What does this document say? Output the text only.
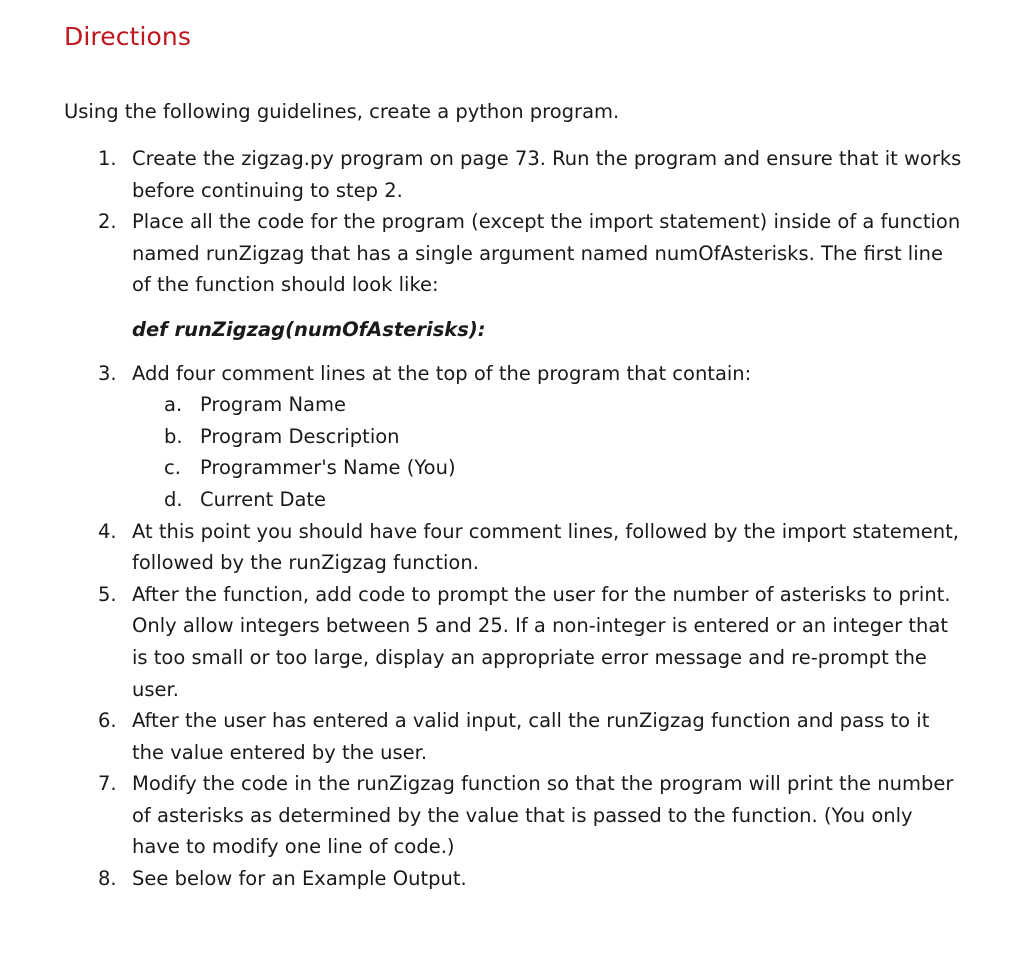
Directions

Using the following guidelines, create a python program.

1. Create the zigzag.py program on page 73. Run the program and ensure that it works before continuing to step 2.
2. Place all the code for the program (except the import statement) inside of a function named runZigzag that has a single argument named numOfAsterisks. The first line of the function should look like:
def runZigzag(numOfAsterisks):
3. Add four comment lines at the top of the program that contain:
a. Program Name
b. Program Description
c. Programmer's Name (You)
d. Current Date
4. At this point you should have four comment lines, followed by the import statement, followed by the runZigzag function.
5. After the function, add code to prompt the user for the number of asterisks to print. Only allow integers between 5 and 25. If a non-integer is entered or an integer that is too small or too large, display an appropriate error message and re-prompt the user.
6. After the user has entered a valid input, call the runZigzag function and pass to it the value entered by the user.
7. Modify the code in the runZigzag function so that the program will print the number of asterisks as determined by the value that is passed to the function. (You only have to modify one line of code.)
8. See below for an Example Output.
